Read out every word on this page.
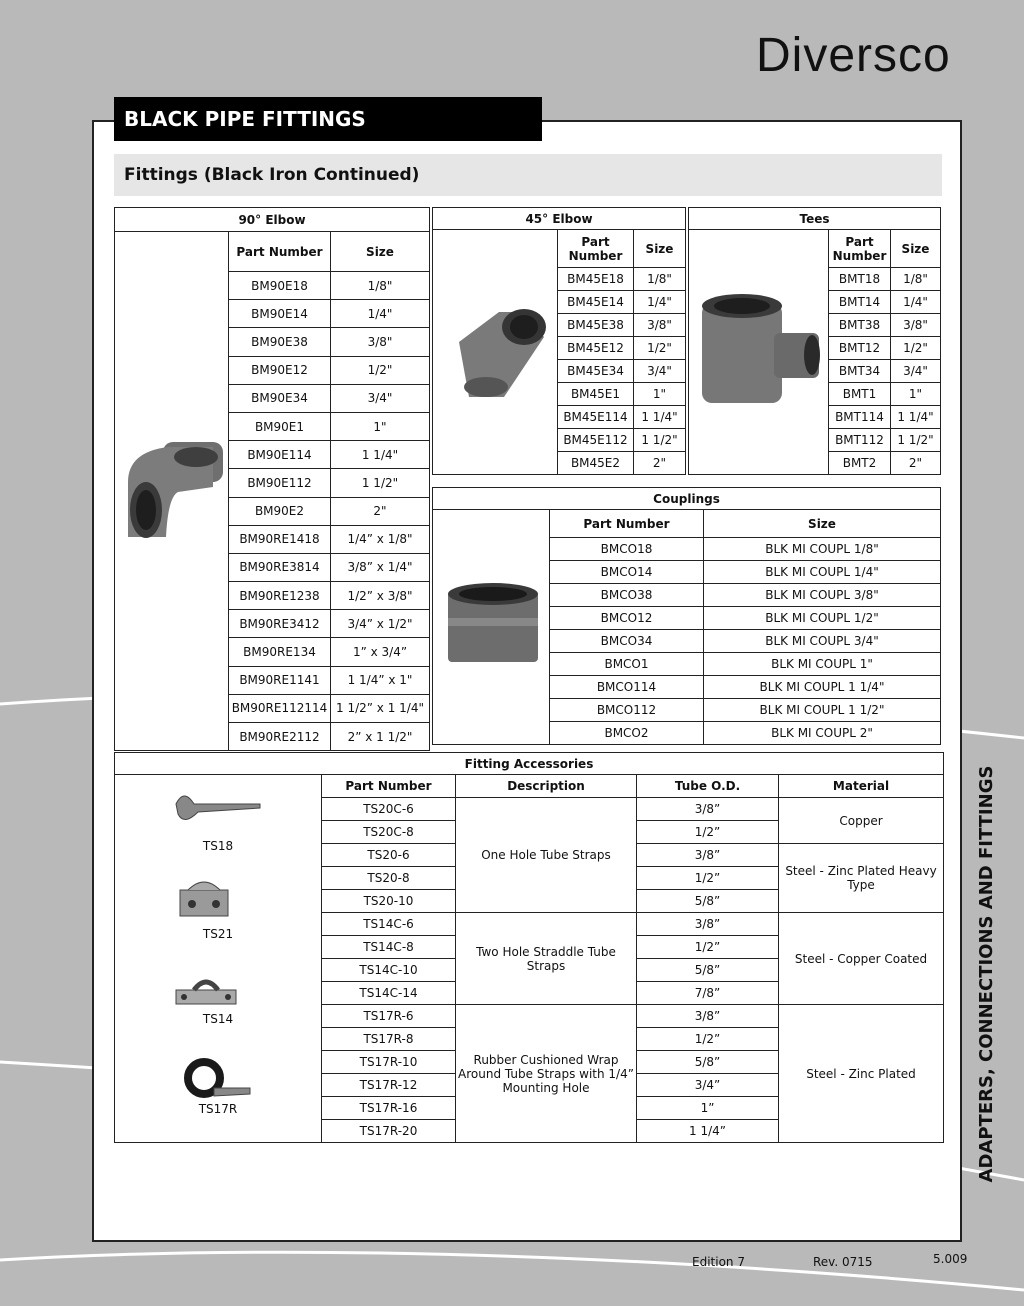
Diversco
BLACK PIPE FITTINGS
Fittings (Black Iron Continued)
90° Elbow		
	Part Number	Size
	BM90E18	1/8"
	BM90E14	1/4"
	BM90E38	3/8"
	BM90E12	1/2"
	BM90E34	3/4"
	BM90E1	1"
	BM90E114	1 1/4"
	BM90E112	1 1/2"
	BM90E2	2"
	BM90RE1418	1/4” x 1/8"
	BM90RE3814	3/8” x 1/4"
	BM90RE1238	1/2” x 3/8"
	BM90RE3412	3/4” x 1/2"
	BM90RE134	1” x 3/4”
	BM90RE1141	1 1/4” x 1"
	BM90RE112114	1 1/2” x 1 1/4"
	BM90RE2112	2” x 1 1/2"
45° Elbow		
	Part Number	Size
	BM45E18	1/8"
	BM45E14	1/4"
	BM45E38	3/8"
	BM45E12	1/2"
	BM45E34	3/4"
	BM45E1	1"
	BM45E114	1 1/4"
	BM45E112	1 1/2"
	BM45E2	2"
Tees		
	Part Number	Size
	BMT18	1/8"
	BMT14	1/4"
	BMT38	3/8"
	BMT12	1/2"
	BMT34	3/4"
	BMT1	1"
	BMT114	1 1/4"
	BMT112	1 1/2"
	BMT2	2"
Couplings		
	Part Number	Size
	BMCO18	BLK MI COUPL 1/8"
	BMCO14	BLK MI COUPL 1/4"
	BMCO38	BLK MI COUPL 3/8"
	BMCO12	BLK MI COUPL 1/2"
	BMCO34	BLK MI COUPL 3/4"
	BMCO1	BLK MI COUPL 1"
	BMCO114	BLK MI COUPL 1 1/4"
	BMCO112	BLK MI COUPL 1 1/2"
	BMCO2	BLK MI COUPL 2"
Fitting Accessories				
	Part Number	Description	Tube O.D.	Material
	TS20C-6	One Hole Tube Straps	3/8”	Copper
	TS20C-8		1/2”	
	TS20-6		3/8”	Steel - Zinc Plated Heavy Type
	TS20-8		1/2”	
	TS20-10		5/8”	
	TS14C-6	Two Hole Straddle Tube Straps	3/8”	Steel - Copper Coated
	TS14C-8		1/2”	
	TS14C-10		5/8”	
	TS14C-14		7/8”	
	TS17R-6	Rubber Cushioned Wrap Around Tube Straps with 1/4” Mounting Hole	3/8”	Steel - Zinc Plated
	TS17R-8		1/2”	
	TS17R-10		5/8”	
	TS17R-12		3/4”	
	TS17R-16		1”	
	TS17R-20		1 1/4”	
TS18
TS21
TS14
TS17R	ADAPTERS, CONNECTIONS AND FITTINGS
Edition 7	Rev. 0715	5.009
